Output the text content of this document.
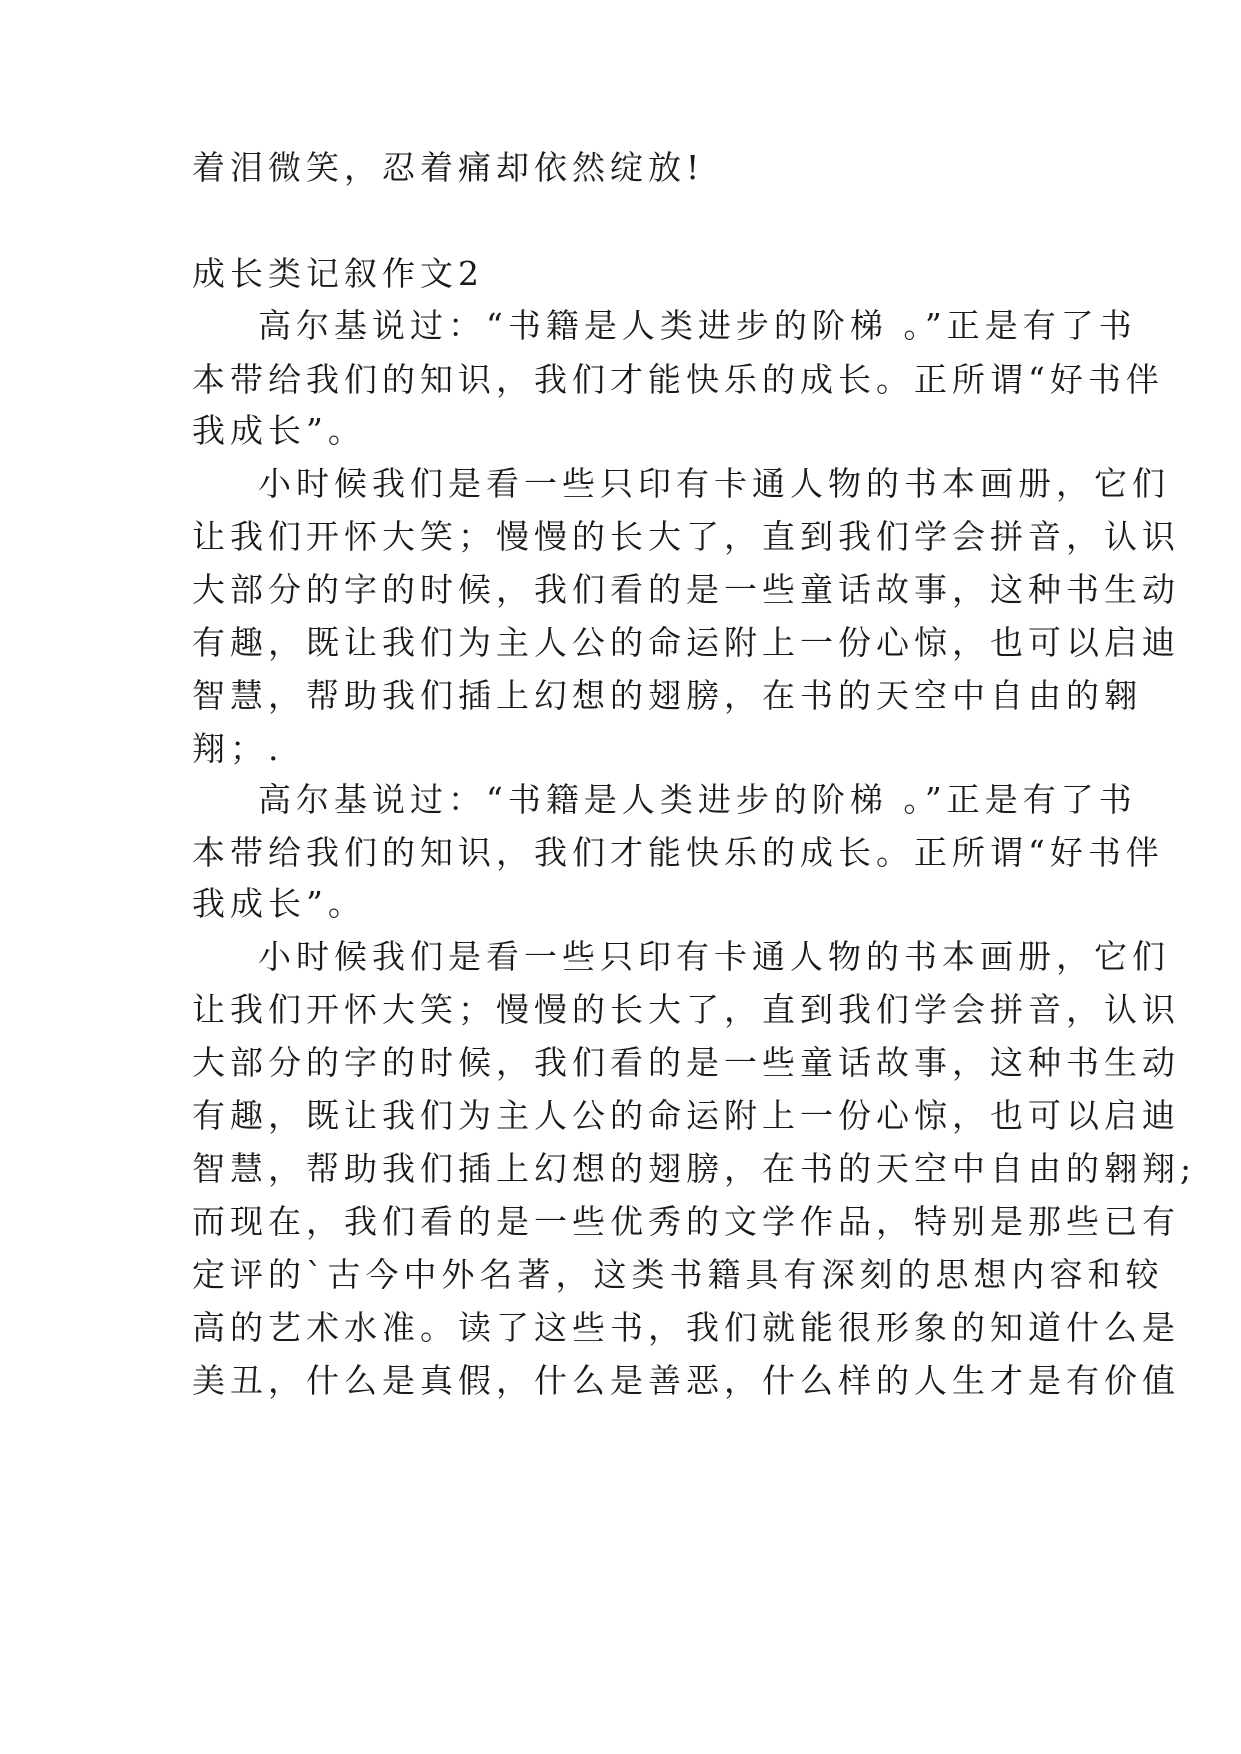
着泪微笑，忍着痛却依然绽放!
成长类记叙作文2
高尔基说过：“书籍是人类进步的阶梯 。”正是有了书
本带给我们的知识，我们才能快乐的成长。正所谓“好书伴
我成长”。
小时候我们是看一些只印有卡通人物的书本画册，它们
让我们开怀大笑；慢慢的长大了，直到我们学会拼音，认识
大部分的字的时候，我们看的是一些童话故事，这种书生动
有趣，既让我们为主人公的命运附上一份心惊，也可以启迪
智慧，帮助我们插上幻想的翅膀，在书的天空中自由的翱
翔；.
高尔基说过：“书籍是人类进步的阶梯 。”正是有了书
本带给我们的知识，我们才能快乐的成长。正所谓“好书伴
我成长”。
小时候我们是看一些只印有卡通人物的书本画册，它们
让我们开怀大笑；慢慢的长大了，直到我们学会拼音，认识
大部分的字的时候，我们看的是一些童话故事，这种书生动
有趣，既让我们为主人公的命运附上一份心惊，也可以启迪
智慧，帮助我们插上幻想的翅膀，在书的天空中自由的翱翔;
而现在，我们看的是一些优秀的文学作品，特别是那些已有
定评的`古今中外名著，这类书籍具有深刻的思想内容和较
高的艺术水准。读了这些书，我们就能很形象的知道什么是
美丑，什么是真假，什么是善恶，什么样的人生才是有价值
